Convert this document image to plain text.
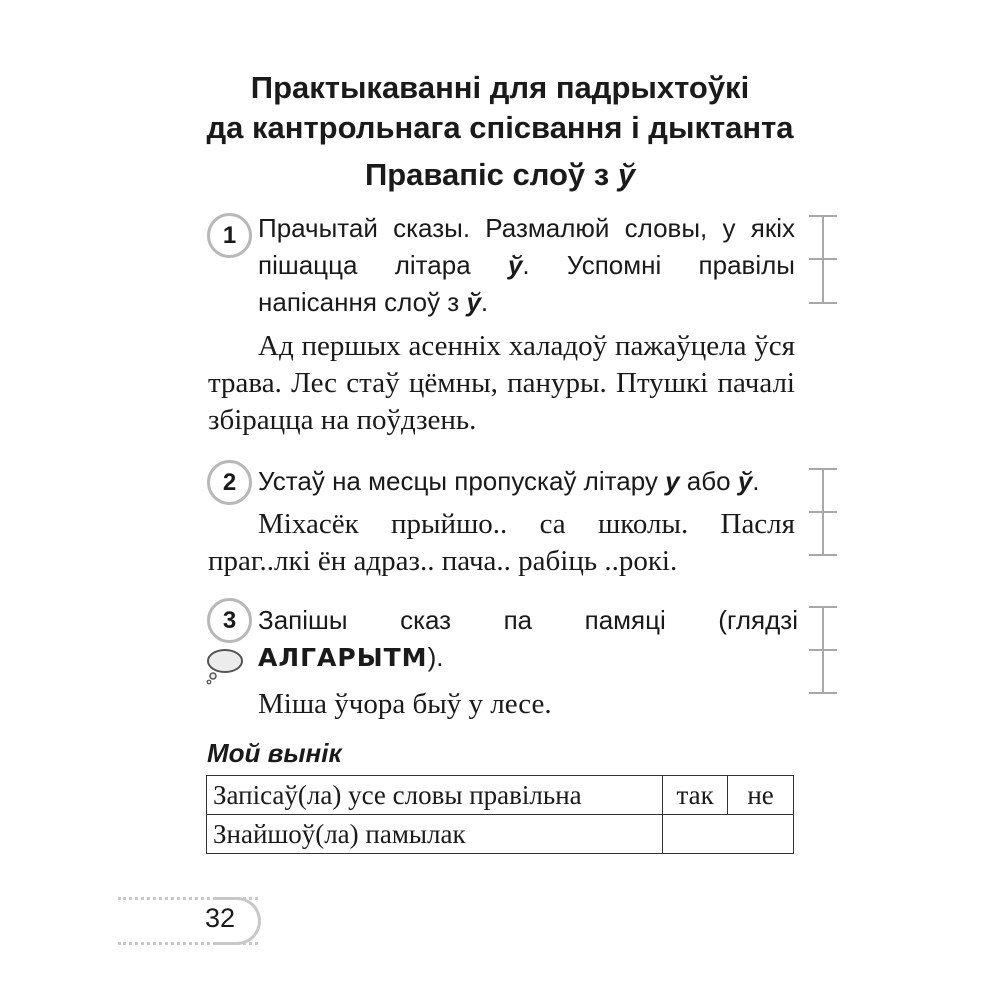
Практыкаванні для падрыхтоўкі
да кантрольнага спісвання і дыктанта
Правапіс слоў з ў
1 Прачытай сказы. Размалюй словы, у якіх пішацца літара ў. Успомні правілы напісання слоў з ў.
Ад першых асенніх халадоў пажаўцела ўся трава. Лес стаў цёмны, пануры. Птушкі пачалі збірацца на поўдзень.
2 Устаў на месцы пропускаў літару у або ў.
Міхасёк прыйшо.. са школы. Пасля праг..лкі ён адраз.. пача.. рабіць ..рокі.
3 Запішы сказ па памяці (глядзі АЛГАРЫТМ).
Міша ўчора быў у лесе.
Мой вынік
Запісаў(ла) усе словы правільна	так	не
Знайшоў(ла) памылак		
32
